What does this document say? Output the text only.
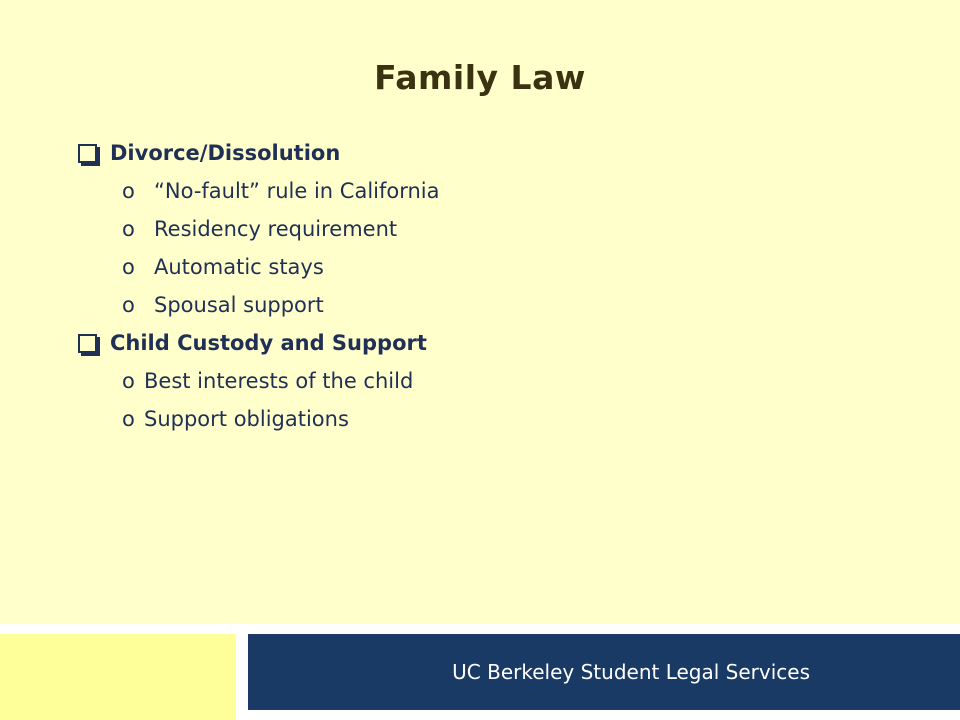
Family Law
Divorce/Dissolution
o “No-fault” rule in California
o Residency requirement
o Automatic stays
o Spousal support
Child Custody and Support
o Best interests of the child
o Support obligations
UC Berkeley Student Legal Services
